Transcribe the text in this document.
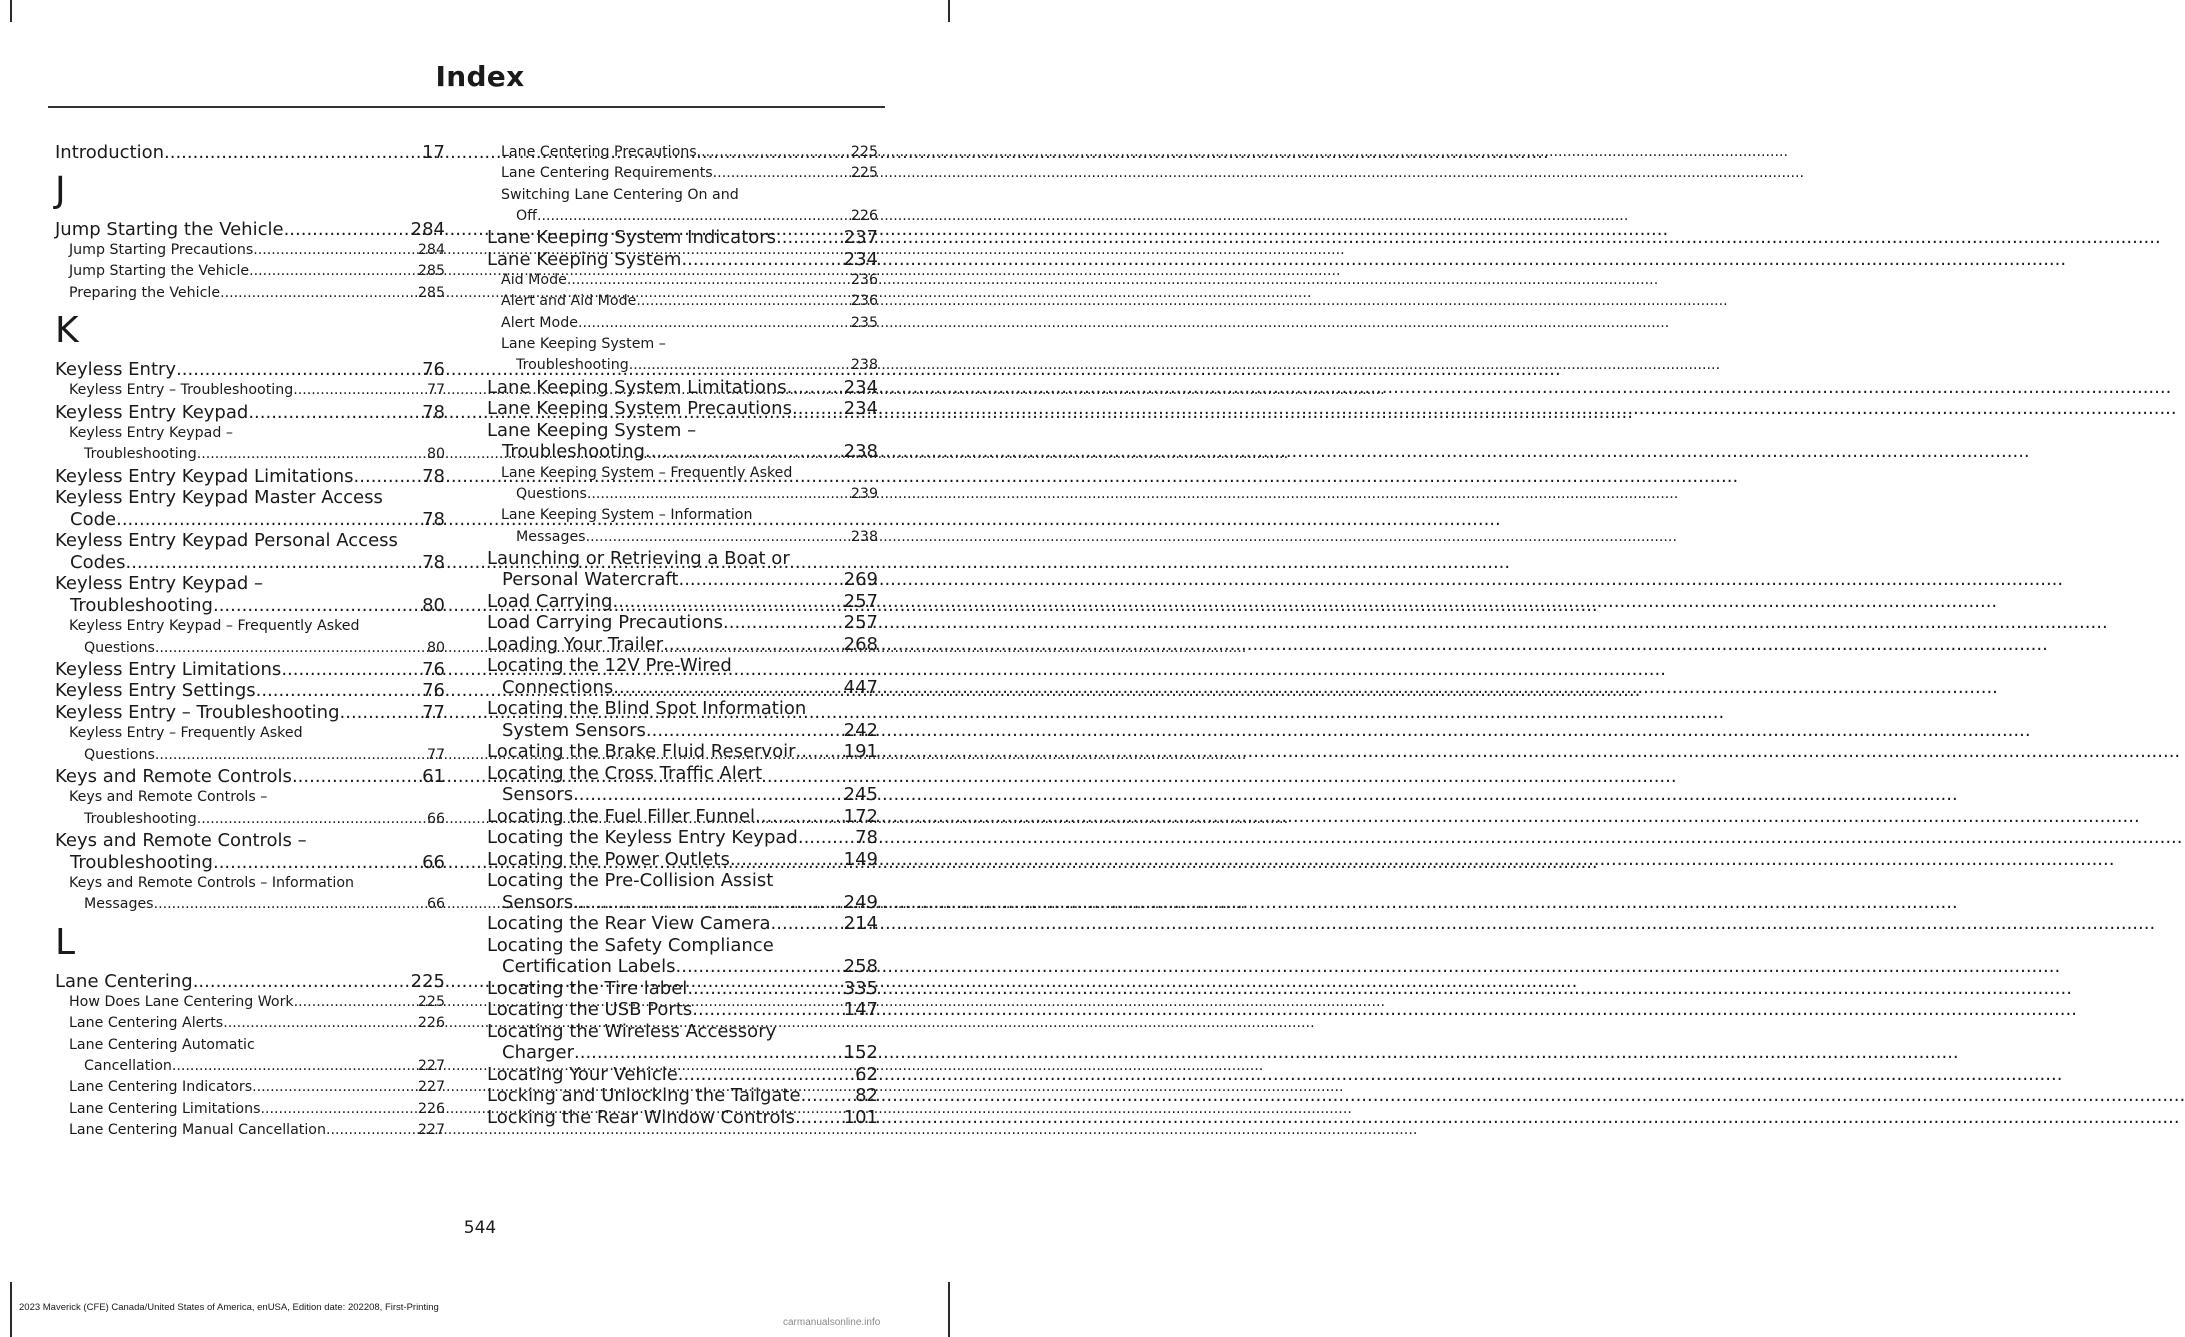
Index
Introduction .....	17
J
Jump Starting the Vehicle .....	284
Jump Starting Precautions .....	284
Jump Starting the Vehicle .....	285
Preparing the Vehicle .....	285
K
Keyless Entry .....	76
Keyless Entry – Troubleshooting .....	77
Keyless Entry Keypad .....	78
Keyless Entry Keypad –
Troubleshooting .....	80
Keyless Entry Keypad Limitations .....	78
Keyless Entry Keypad Master Access
Code .....	78
Keyless Entry Keypad Personal Access
Codes .....	78
Keyless Entry Keypad –
Troubleshooting .....	80
Keyless Entry Keypad – Frequently Asked
Questions .....	80
Keyless Entry Limitations .....	76
Keyless Entry Settings .....	76
Keyless Entry – Troubleshooting .....	77
Keyless Entry – Frequently Asked
Questions .....	77
Keys and Remote Controls .....	61
Keys and Remote Controls –
Troubleshooting .....	66
Keys and Remote Controls –
Troubleshooting .....	66
Keys and Remote Controls – Information
Messages .....	66
L
Lane Centering .....	225
How Does Lane Centering Work .....	225
Lane Centering Alerts .....	226
Lane Centering Automatic
Cancellation .....	227
Lane Centering Indicators .....	227
Lane Centering Limitations .....	226
Lane Centering Manual Cancellation .....	227
Lane Centering Precautions .....	225
Lane Centering Requirements .....	225
Switching Lane Centering On and
Off .....	226
Lane Keeping System Indicators .....	237
Lane Keeping System .....	234
Aid Mode .....	236
Alert and Aid Mode .....	236
Alert Mode .....	235
Lane Keeping System –
Troubleshooting .....	238
Lane Keeping System Limitations .....	234
Lane Keeping System Precautions .....	234
Lane Keeping System –
Troubleshooting .....	238
Lane Keeping System – Frequently Asked
Questions .....	239
Lane Keeping System – Information
Messages .....	238
Launching or Retrieving a Boat or
Personal Watercraft .....	269
Load Carrying .....	257
Load Carrying Precautions .....	257
Loading Your Trailer .....	268
Locating the 12V Pre-Wired
Connections .....	447
Locating the Blind Spot Information
System Sensors .....	242
Locating the Brake Fluid Reservoir .....	191
Locating the Cross Traffic Alert
Sensors .....	245
Locating the Fuel Filler Funnel .....	172
Locating the Keyless Entry Keypad .....	78
Locating the Power Outlets .....	149
Locating the Pre-Collision Assist
Sensors .....	249
Locating the Rear View Camera .....	214
Locating the Safety Compliance
Certification Labels .....	258
Locating the Tire label .....	335
Locating the USB Ports .....	147
Locating the Wireless Accessory
Charger .....	152
Locating Your Vehicle .....	62
Locking and Unlocking the Tailgate .....	82
Locking the Rear Window Controls .....	101
544
2023 Maverick (CFE) Canada/United States of America, enUSA, Edition date: 202208, First-Printing
carmanualsonline.info
